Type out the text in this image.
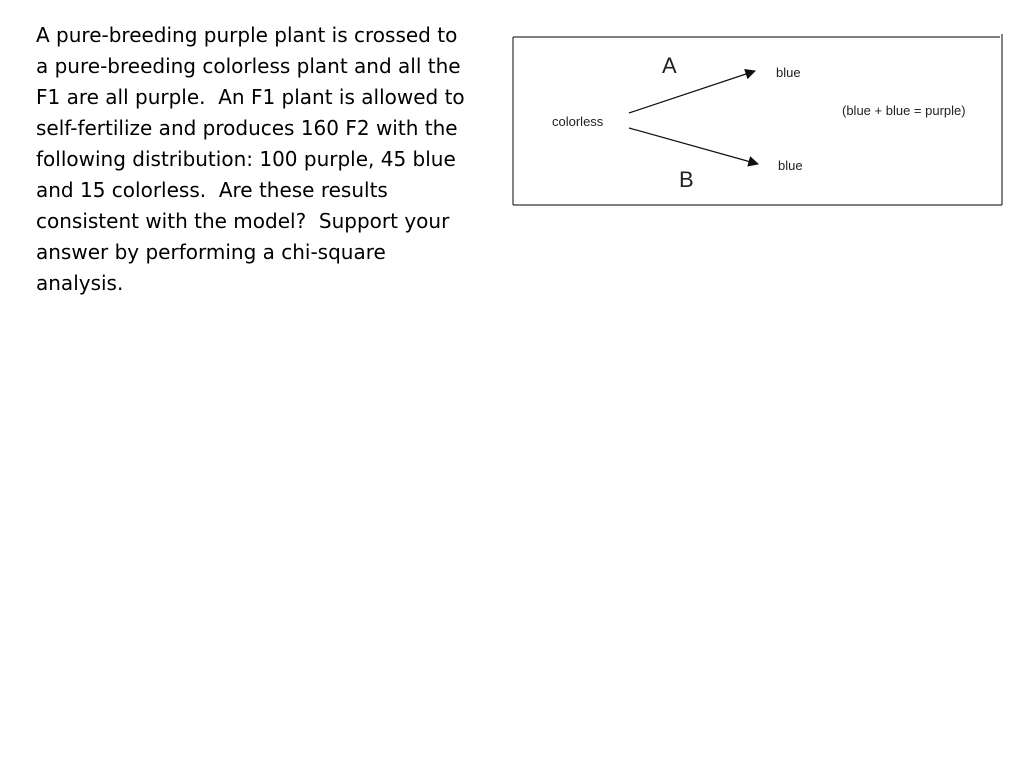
A pure-breeding purple plant is crossed to
a pure-breeding colorless plant and all the
F1 are all purple.  An F1 plant is allowed to
self-fertilize and produces 160 F2 with the
following distribution: 100 purple, 45 blue
and 15 colorless.  Are these results
consistent with the model?  Support your
answer by performing a chi-square
analysis.

colorless
A
B
blue
blue
(blue + blue = purple)
